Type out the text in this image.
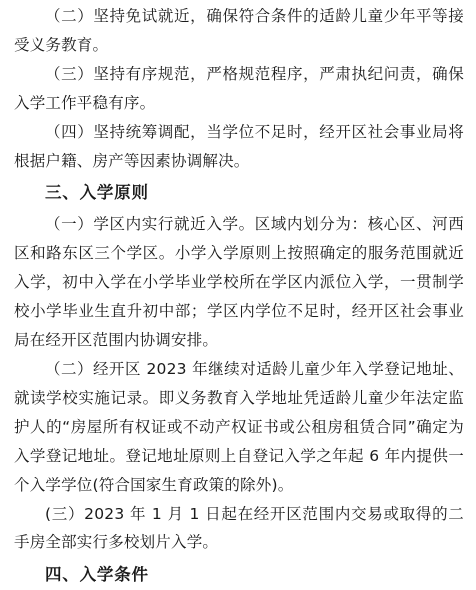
（二）坚持免试就近，确保符合条件的适龄儿童少年平等接受义务教育。

（三）坚持有序规范，严格规范程序，严肃执纪问责，确保入学工作平稳有序。

（四）坚持统筹调配，当学位不足时，经开区社会事业局将根据户籍、房产等因素协调解决。

三、入学原则

（一）学区内实行就近入学。区域内划分为：核心区、河西区和路东区三个学区。小学入学原则上按照确定的服务范围就近入学，初中入学在小学毕业学校所在学区内派位入学，一贯制学校小学毕业生直升初中部；学区内学位不足时，经开区社会事业局在经开区范围内协调安排。

（二）经开区 2023 年继续对适龄儿童少年入学登记地址、就读学校实施记录。即义务教育入学地址凭适龄儿童少年法定监护人的“房屋所有权证或不动产权证书或公租房租赁合同”确定为入学登记地址。登记地址原则上自登记入学之年起 6 年内提供一个入学学位(符合国家生育政策的除外)。

(三）2023 年 1 月 1 日起在经开区范围内交易或取得的二手房全部实行多校划片入学。

四、入学条件
